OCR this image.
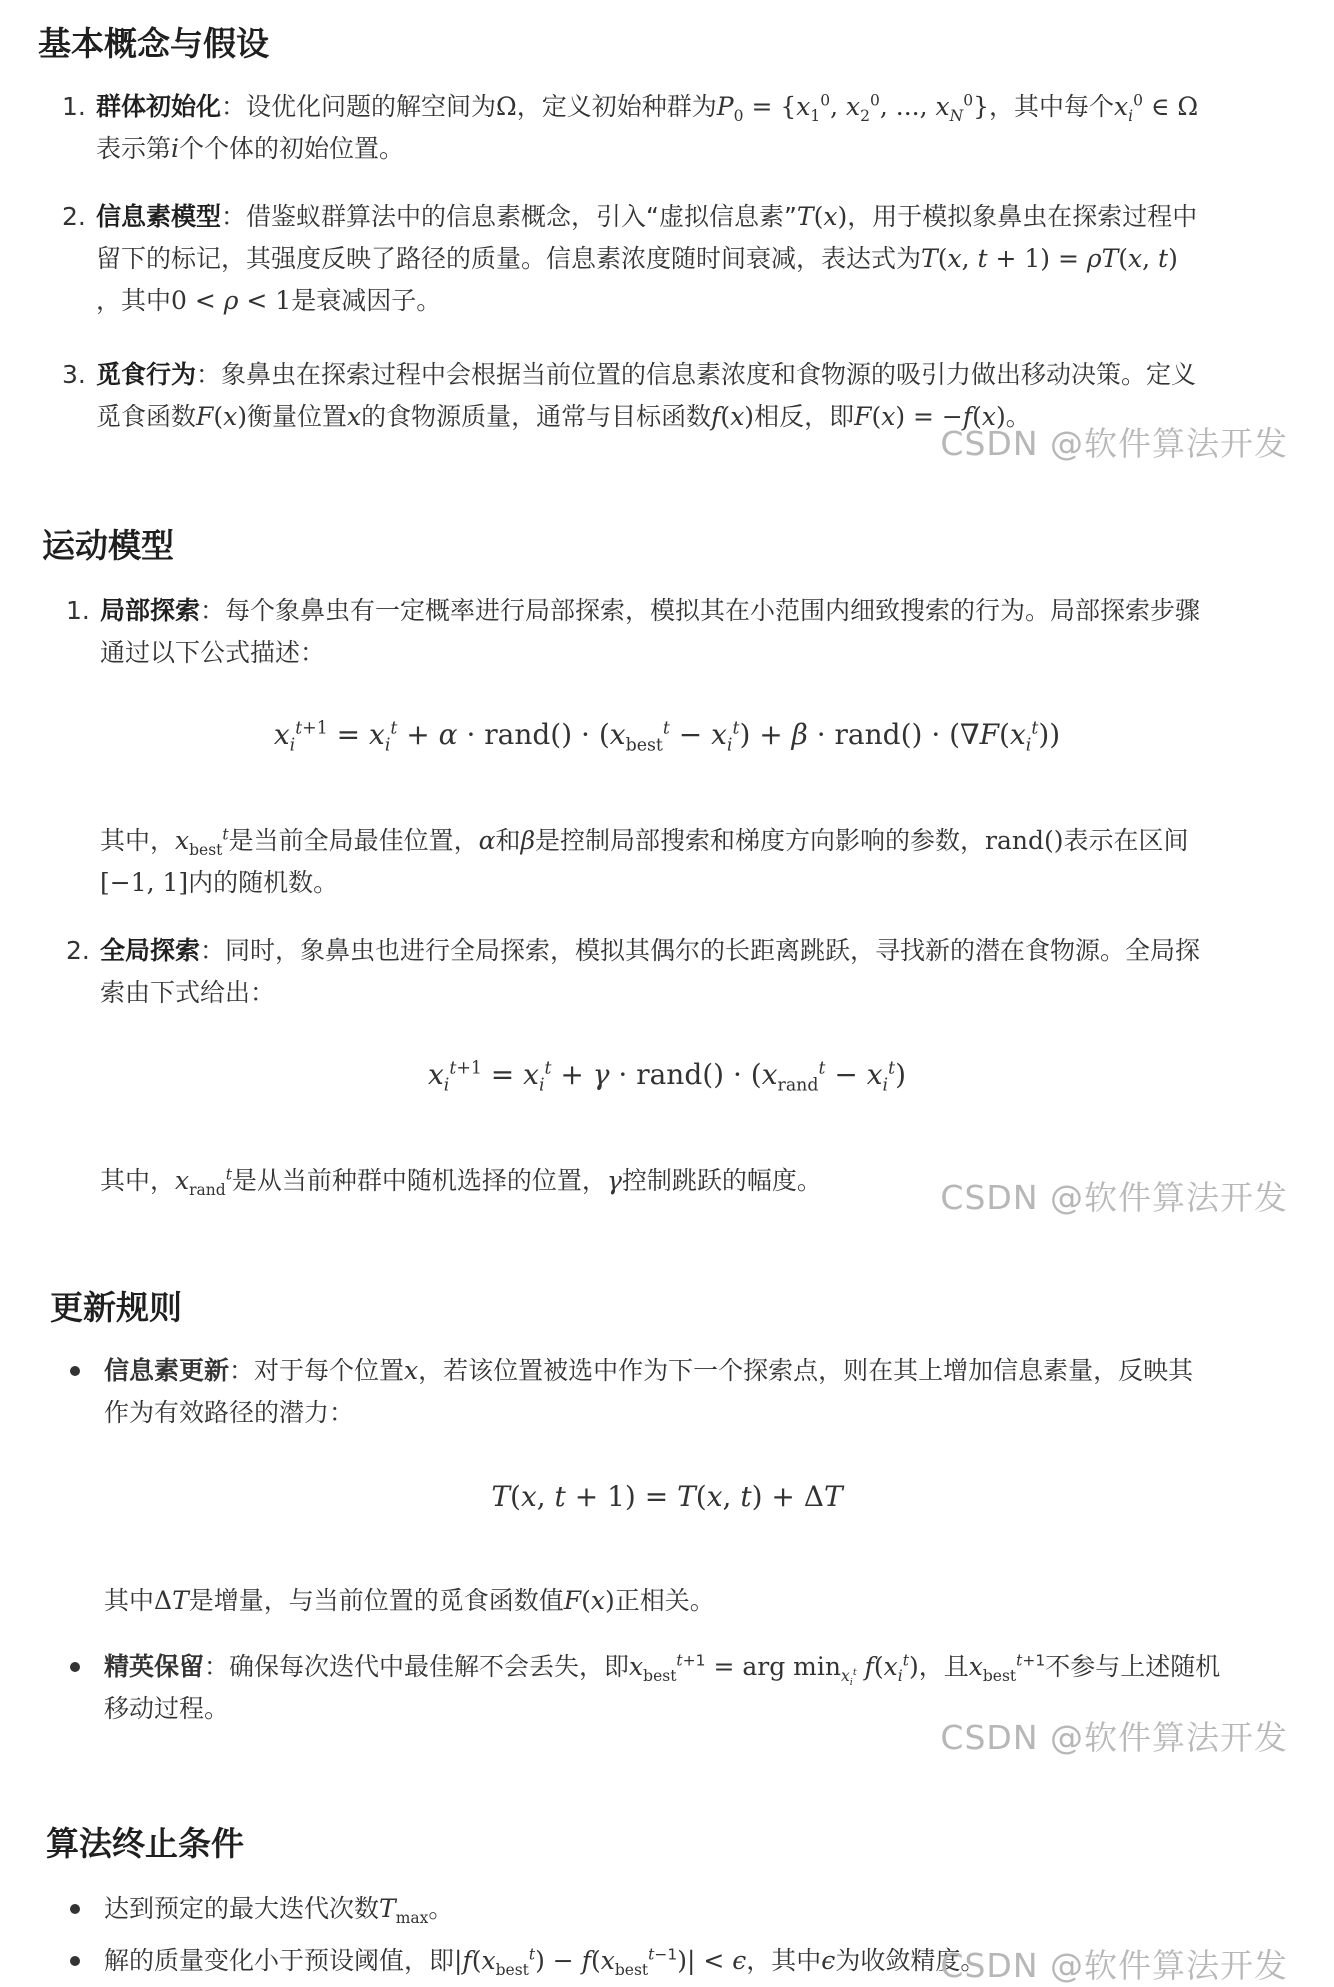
基本概念与假设
1. 群体初始化：设优化问题的解空间为Ω，定义初始种群为$P_0 = \{x_1^0$, $x_2^0$, ..., $x_N^0$}，其中每个$x_i^0$ ∈ Ω
表示第i个个体的初始位置。
2. 信息素模型：借鉴蚁群算法中的信息素概念，引入“虚拟信息素”T(x)，用于模拟象鼻虫在探索过程中
留下的标记，其强度反映了路径的质量。信息素浓度随时间衰减，表达式为T(x, t + 1) = ρT(x, t)
，其中0 < ρ < 1是衰减因子。
3. 觅食行为：象鼻虫在探索过程中会根据当前位置的信息素浓度和食物源的吸引力做出移动决策。定义
觅食函数F(x)衡量位置x的食物源质量，通常与目标函数f(x)相反，即F(x) = −f(x)。
CSDN @软件算法开发
运动模型
1. 局部探索：每个象鼻虫有一定概率进行局部探索，模拟其在小范围内细致搜索的行为。局部探索步骤
通过以下公式描述：
$x_i^{t+1} = x_i^t + \alpha$ · rand() · $(x_{best}^t - x_i^t) + \beta$ · rand() · $(\nabla F(x_i^t))$
其中，$x_{best}^t$是当前全局最佳位置，α和β是控制局部搜索和梯度方向影响的参数，rand()表示在区间
[−1, 1]内的随机数。
2. 全局探索：同时，象鼻虫也进行全局探索，模拟其偶尔的长距离跳跃，寻找新的潜在食物源。全局探
索由下式给出：
$x_i^{t+1} = x_i^t + \gamma$ · rand() · $(x_{rand}^t - x_i^t)$
其中，$x_{rand}^t$是从当前种群中随机选择的位置，γ控制跳跃的幅度。	CSDN @软件算法开发
更新规则
信息素更新：对于每个位置x，若该位置被选中作为下一个探索点，则在其上增加信息素量，反映其
作为有效路径的潜力：
T(x, t + 1) = T(x, t) + ΔT
其中ΔT是增量，与当前位置的觅食函数值F(x)正相关。
精英保留：确保每次迭代中最佳解不会丢失，即$x_{best}^{t+1}$ = arg $\min_{x_i^t} f(x_i^t)$，且$x_{best}^{t+1}$不参与上述随机
移动过程。
CSDN @软件算法开发
算法终止条件
达到预定的最大迭代次数$T_{max}$。
解的质量变化小于预设阈值，即$|f(x_{best}^t) - f(x_{best}^{t-1})| < \epsilon$，其中ϵ为收敛精度。
CSDN @软件算法开发
